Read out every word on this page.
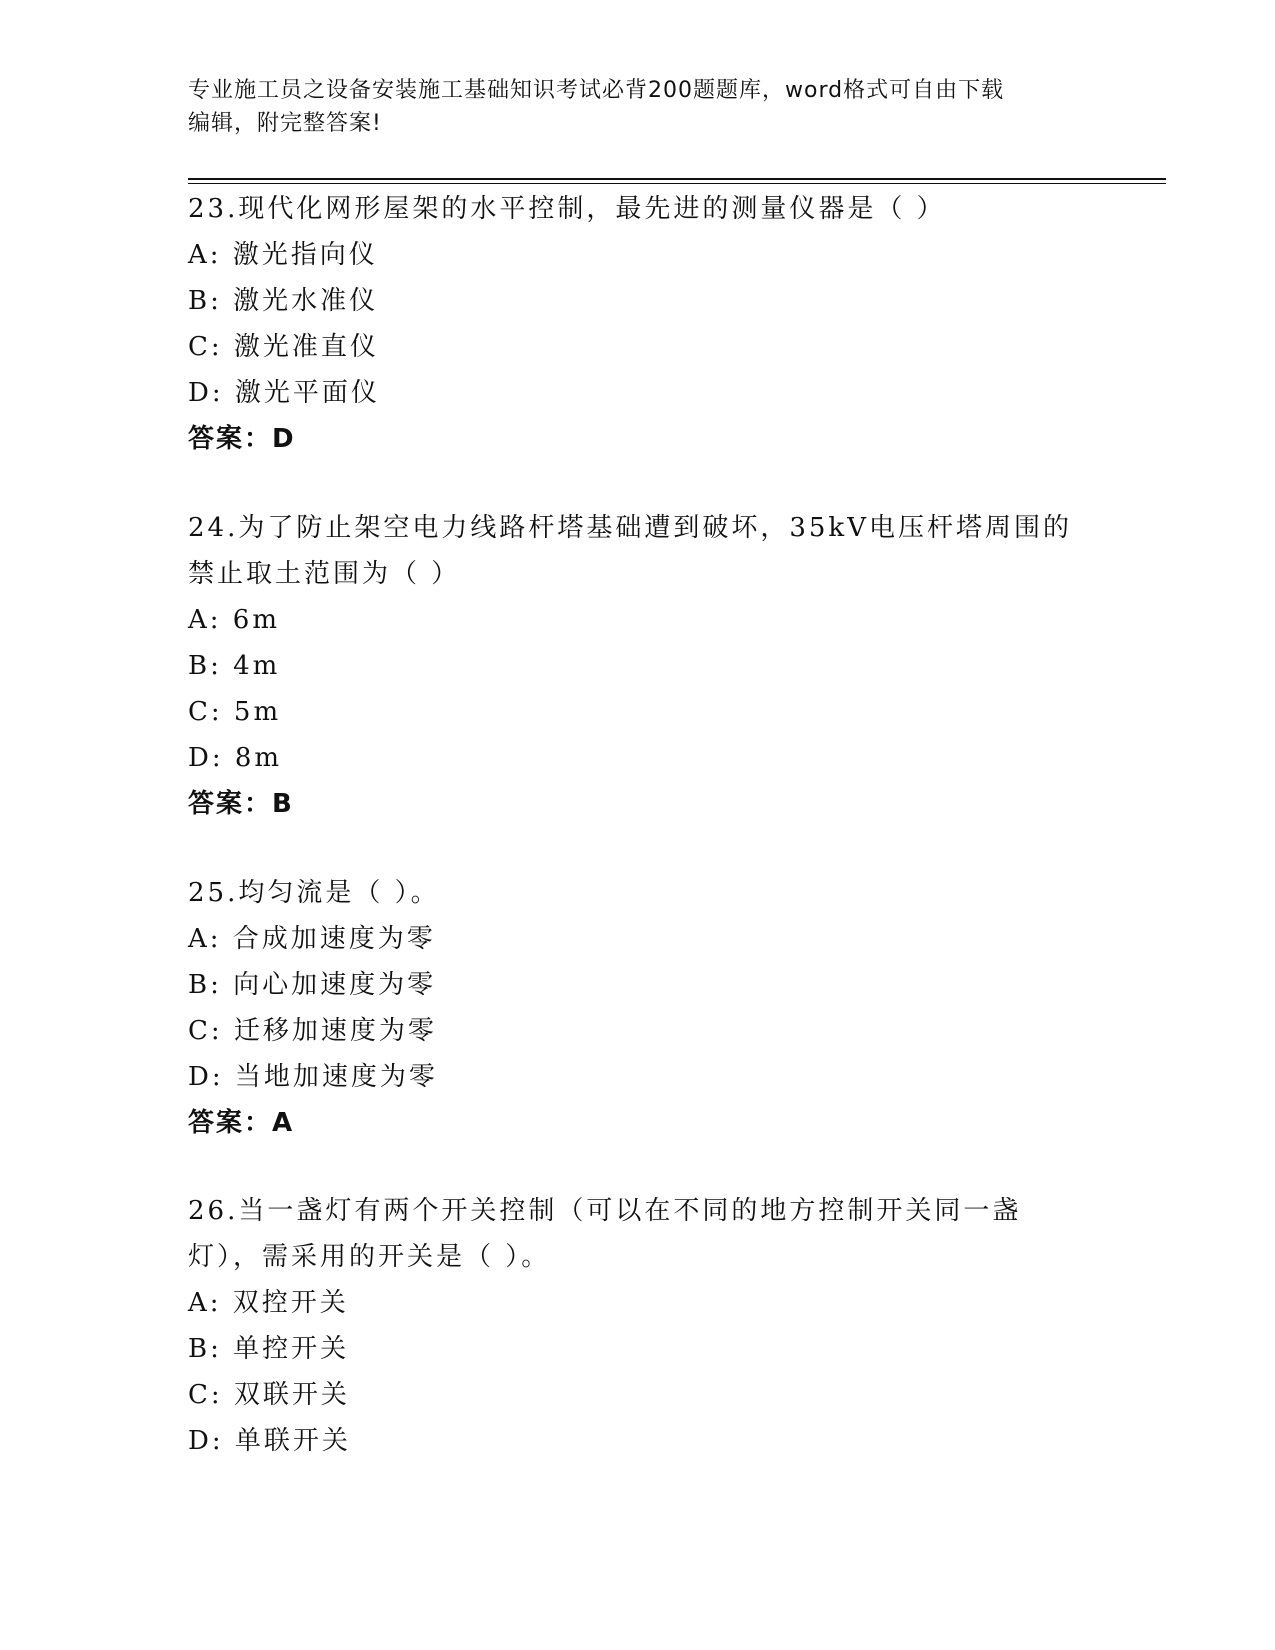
专业施工员之设备安装施工基础知识考试必背200题题库，word格式可自由下载
编辑，附完整答案!

23.现代化网形屋架的水平控制，最先进的测量仪器是（ ）

A: 激光指向仪

B: 激光水准仪

C: 激光准直仪

D: 激光平面仪

答案：D

24.为了防止架空电力线路杆塔基础遭到破坏，35kV电压杆塔周围的禁止取土范围为（ ）

A: 6m

B: 4m

C: 5m

D: 8m

答案：B

25.均匀流是（ ）。

A: 合成加速度为零

B: 向心加速度为零

C: 迁移加速度为零

D: 当地加速度为零

答案：A

26.当一盏灯有两个开关控制（可以在不同的地方控制开关同一盏灯），需采用的开关是（ ）。

A: 双控开关

B: 单控开关

C: 双联开关

D: 单联开关
